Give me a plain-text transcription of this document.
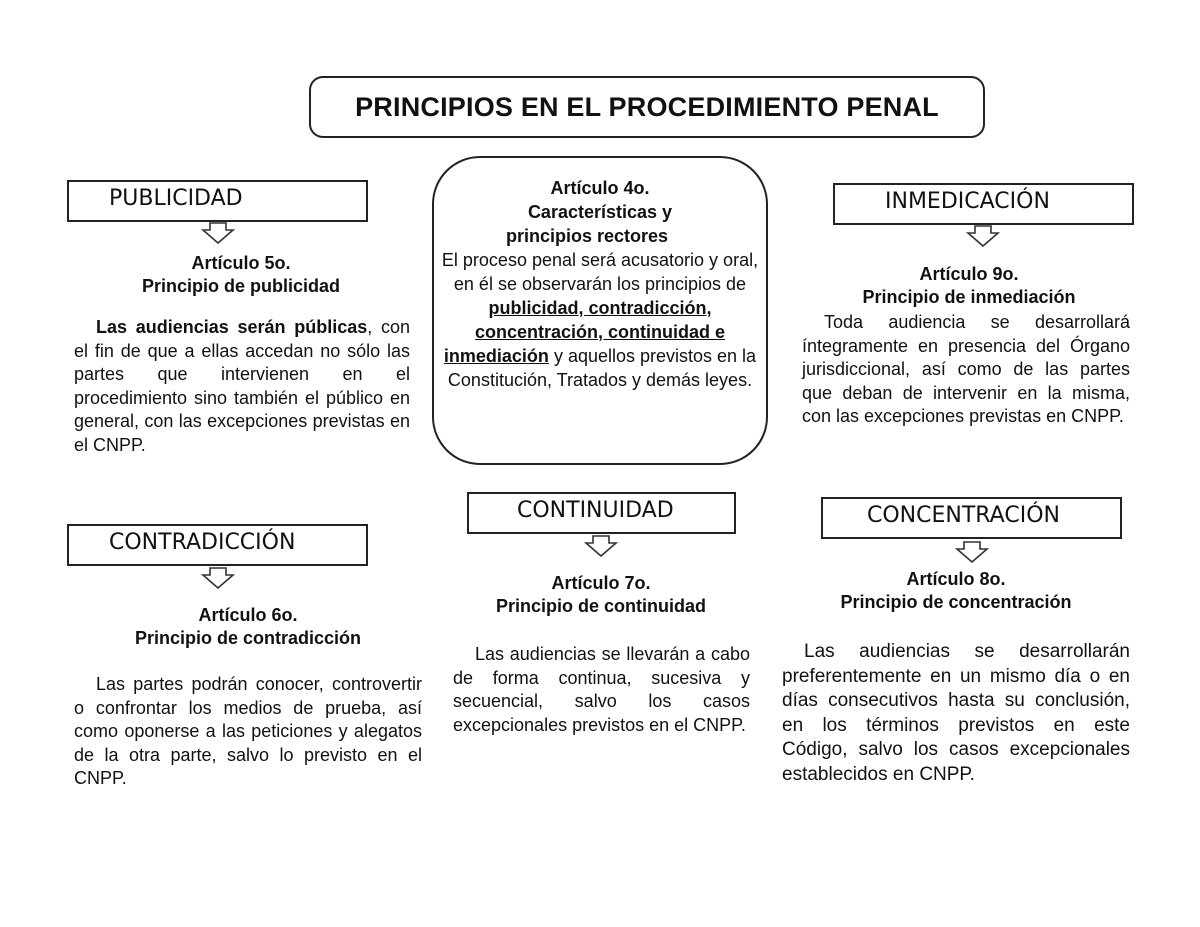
PRINCIPIOS EN EL PROCEDIMIENTO PENAL
Artículo 4o.
Características y
principios rectores
El proceso penal será acusatorio y oral, en él se observarán los principios de publicidad, contradicción, concentración, continuidad e inmediación y aquellos previstos en la Constitución, Tratados y demás leyes.
PUBLICIDAD
Artículo 5o.
Principio de publicidad
Las audiencias serán públicas, con el fin de que a ellas accedan no sólo las partes que intervienen en el procedimiento sino también el público en general, con las excepciones previstas en el CNPP.
INMEDICACIÓN
Artículo 9o.
Principio de inmediación
Toda audiencia se desarrollará íntegramente en presencia del Órgano jurisdiccional, así como de las partes que deban de intervenir en la misma, con las excepciones previstas en CNPP.
CONTRADICCIÓN
Artículo 6o.
Principio de contradicción
Las partes podrán conocer, controvertir o confrontar los medios de prueba, así como oponerse a las peticiones y alegatos de la otra parte, salvo lo previsto en el CNPP.
CONTINUIDAD
Artículo 7o.
Principio de continuidad
Las audiencias se llevarán a cabo de forma continua, sucesiva y secuencial, salvo los casos excepcionales previstos en el CNPP.
CONCENTRACIÓN
Artículo 8o.
Principio de concentración
Las audiencias se desarrollarán preferentemente en un mismo día o en días consecutivos hasta su conclusión, en los términos previstos en este Código, salvo los casos excepcionales establecidos en CNPP.
